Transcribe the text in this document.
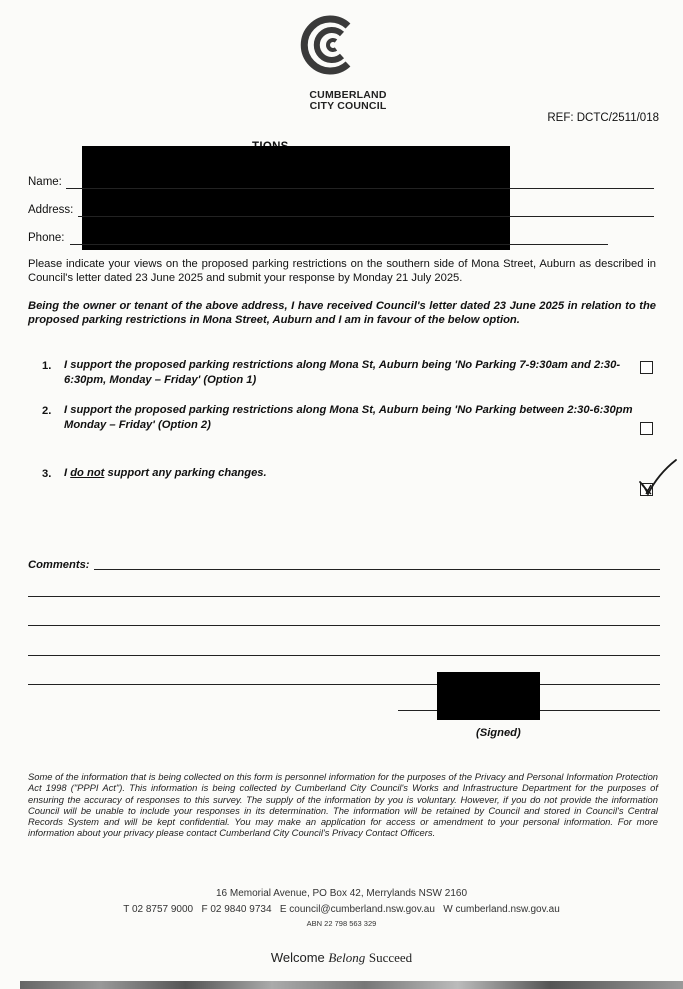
CUMBERLAND
CITY COUNCIL
REF: DCTC/2511/018
Name:
Address:
Phone:
Please indicate your views on the proposed parking restrictions on the southern side of Mona Street, Auburn as described in Council's letter dated 23 June 2025 and submit your response by Monday 21 July 2025.
Being the owner or tenant of the above address, I have received Council's letter dated 23 June 2025 in relation to the proposed parking restrictions in Mona Street, Auburn and I am in favour of the below option.
1. I support the proposed parking restrictions along Mona St, Auburn being 'No Parking 7-9:30am and 2:30-6:30pm, Monday – Friday' (Option 1)
2. I support the proposed parking restrictions along Mona St, Auburn being 'No Parking between 2:30-6:30pm Monday – Friday' (Option 2)
3. I do not support any parking changes.
Comments:
(Signed)
Some of the information that is being collected on this form is personnel information for the purposes of the Privacy and Personal Information Protection Act 1998 ("PPPI Act"). This information is being collected by Cumberland City Council's Works and Infrastructure Department for the purposes of ensuring the accuracy of responses to this survey. The supply of the information by you is voluntary. However, if you do not provide the information Council will be unable to include your responses in its determination. The information will be retained by Council and stored in Council's Central Records System and will be kept confidential. You may make an application for access or amendment to your personal information. For more information about your privacy please contact Cumberland City Council's Privacy Contact Officers.
16 Memorial Avenue, PO Box 42, Merrylands NSW 2160
T 02 8757 9000   F 02 9840 9734   E council@cumberland.nsw.gov.au   W cumberland.nsw.gov.au
ABN 22 798 563 329
Welcome Belong Succeed
